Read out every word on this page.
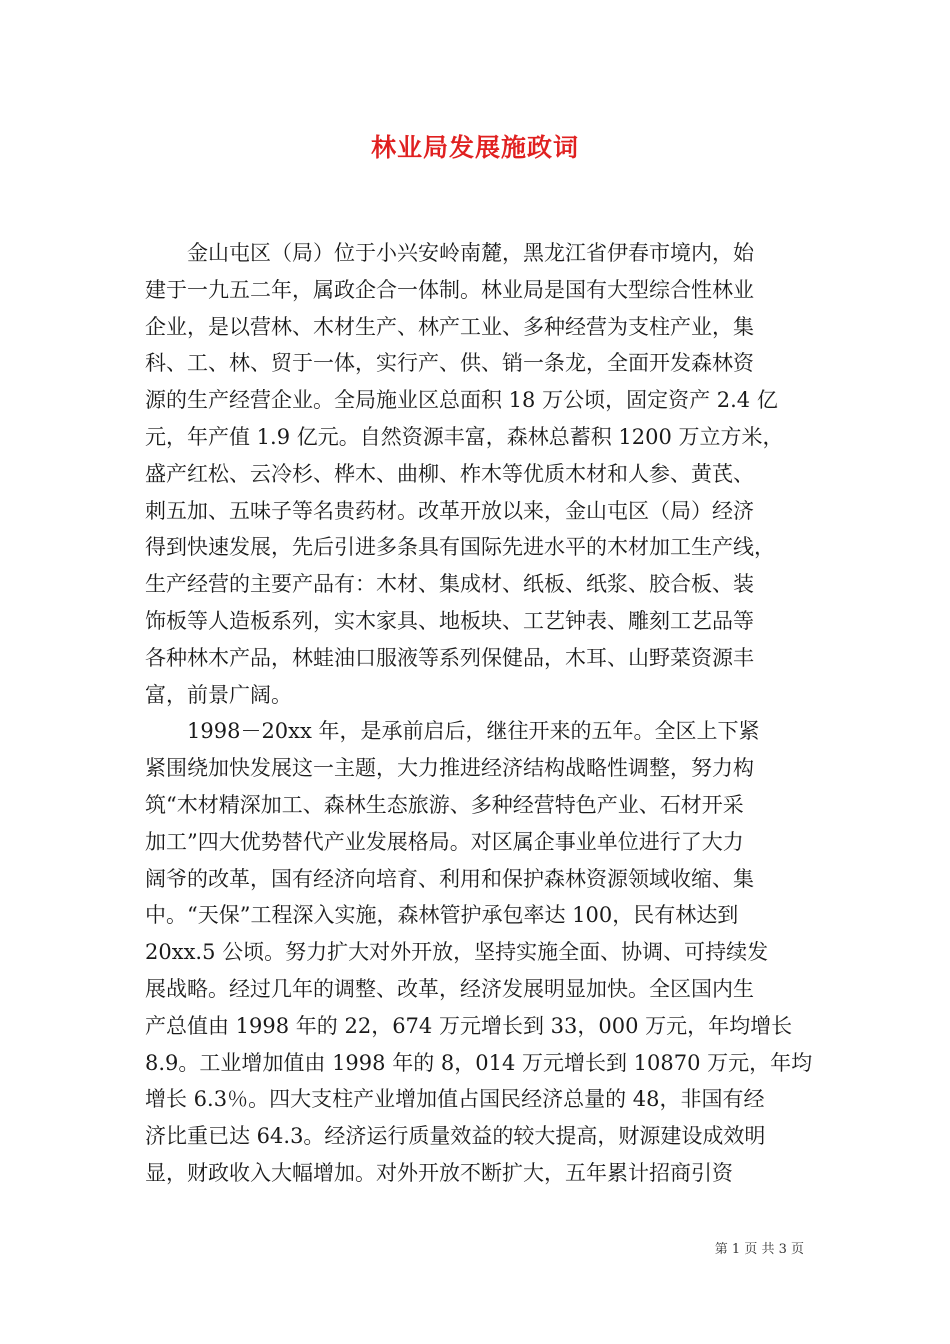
林业局发展施政词
　　金山屯区（局）位于小兴安岭南麓，黑龙江省伊春市境内，始
建于一九五二年，属政企合一体制。林业局是国有大型综合性林业
企业，是以营林、木材生产、林产工业、多种经营为支柱产业，集
科、工、林、贸于一体，实行产、供、销一条龙，全面开发森林资
源的生产经营企业。全局施业区总面积 18 万公顷，固定资产 2.4 亿
元，年产值 1.9 亿元。自然资源丰富，森林总蓄积 1200 万立方米，
盛产红松、云冷杉、桦木、曲柳、柞木等优质木材和人参、黄芪、
刺五加、五味子等名贵药材。改革开放以来，金山屯区（局）经济
得到快速发展，先后引进多条具有国际先进水平的木材加工生产线，
生产经营的主要产品有：木材、集成材、纸板、纸浆、胶合板、装
饰板等人造板系列，实木家具、地板块、工艺钟表、雕刻工艺品等
各种林木产品，林蛙油口服液等系列保健品，木耳、山野菜资源丰
富，前景广阔。
　　1998－20xx 年，是承前启后，继往开来的五年。全区上下紧
紧围绕加快发展这一主题，大力推进经济结构战略性调整，努力构
筑“木材精深加工、森林生态旅游、多种经营特色产业、石材开采
加工”四大优势替代产业发展格局。对区属企事业单位进行了大力
阔爷的改革，国有经济向培育、利用和保护森林资源领域收缩、集
中。“天保”工程深入实施，森林管护承包率达 100，民有林达到
20xx.5 公顷。努力扩大对外开放，坚持实施全面、协调、可持续发
展战略。经过几年的调整、改革，经济发展明显加快。全区国内生
产总值由 1998 年的 22，674 万元增长到 33，000 万元，年均增长
8.9。工业增加值由 1998 年的 8，014 万元增长到 10870 万元，年均
增长 6.3％。四大支柱产业增加值占国民经济总量的 48，非国有经
济比重已达 64.3。经济运行质量效益的较大提高，财源建设成效明
显，财政收入大幅增加。对外开放不断扩大，五年累计招商引资
第 1 页 共 3 页
